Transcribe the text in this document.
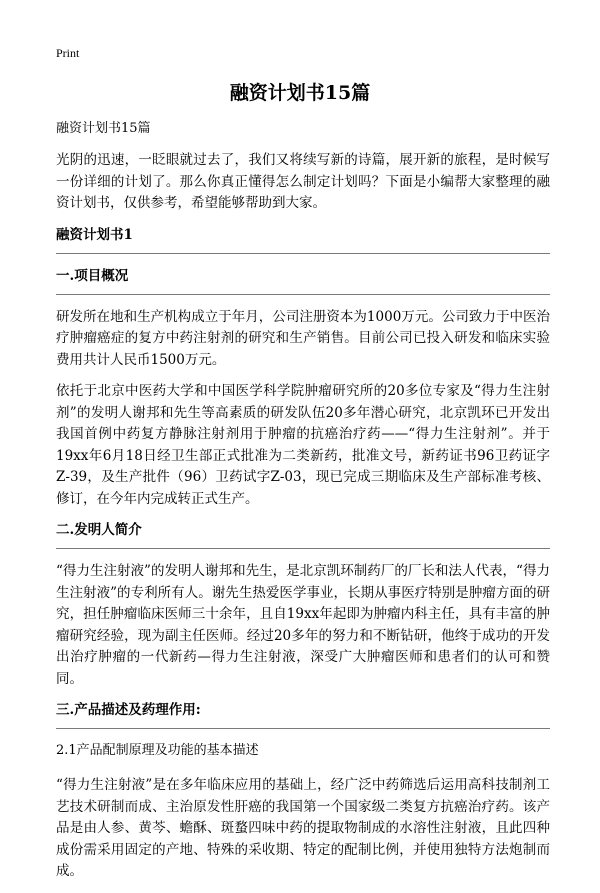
Print
融资计划书15篇
融资计划书15篇

光阴的迅速，一眨眼就过去了，我们又将续写新的诗篇，展开新的旅程，是时候写一份详细的计划了。那么你真正懂得怎么制定计划吗？下面是小编帮大家整理的融资计划书，仅供参考，希望能够帮助到大家。

融资计划书1
一.项目概况

研发所在地和生产机构成立于年月，公司注册资本为1000万元。公司致力于中医治疗肿瘤癌症的复方中药注射剂的研究和生产销售。目前公司已投入研发和临床实验费用共计人民币1500万元。

依托于北京中医药大学和中国医学科学院肿瘤研究所的20多位专家及“得力生注射剂”的发明人谢邦和先生等高素质的研发队伍20多年潜心研究，北京凯环已开发出我国首例中药复方静脉注射剂用于肿瘤的抗癌治疗药——“得力生注射剂”。并于19xx年6月18日经卫生部正式批准为二类新药，批准文号，新药证书96卫药证字Z-39，及生产批件（96）卫药试字Z-03，现已完成三期临床及生产部标准考核、修订，在今年内完成转正式生产。

二.发明人简介

“得力生注射液”的发明人谢邦和先生，是北京凯环制药厂的厂长和法人代表，“得力生注射液”的专利所有人。谢先生热爱医学事业，长期从事医疗特别是肿瘤方面的研究，担任肿瘤临床医师三十余年，且自19xx年起即为肿瘤内科主任，具有丰富的肿瘤研究经验，现为副主任医师。经过20多年的努力和不断钻研，他终于成功的开发出治疗肿瘤的一代新药—得力生注射液，深受广大肿瘤医师和患者们的认可和赞同。

三.产品描述及药理作用:
2.1产品配制原理及功能的基本描述

“得力生注射液”是在多年临床应用的基础上，经广泛中药筛选后运用高科技制剂工艺技术研制而成、主治原发性肝癌的我国第一个国家级二类复方抗癌治疗药。该产品是由人参、黄芩、蟾酥、斑蝥四味中药的提取物制成的水溶性注射液，且此四种成份需采用固定的产地、特殊的采收期、特定的配制比例，并使用独特方法炮制而成。
